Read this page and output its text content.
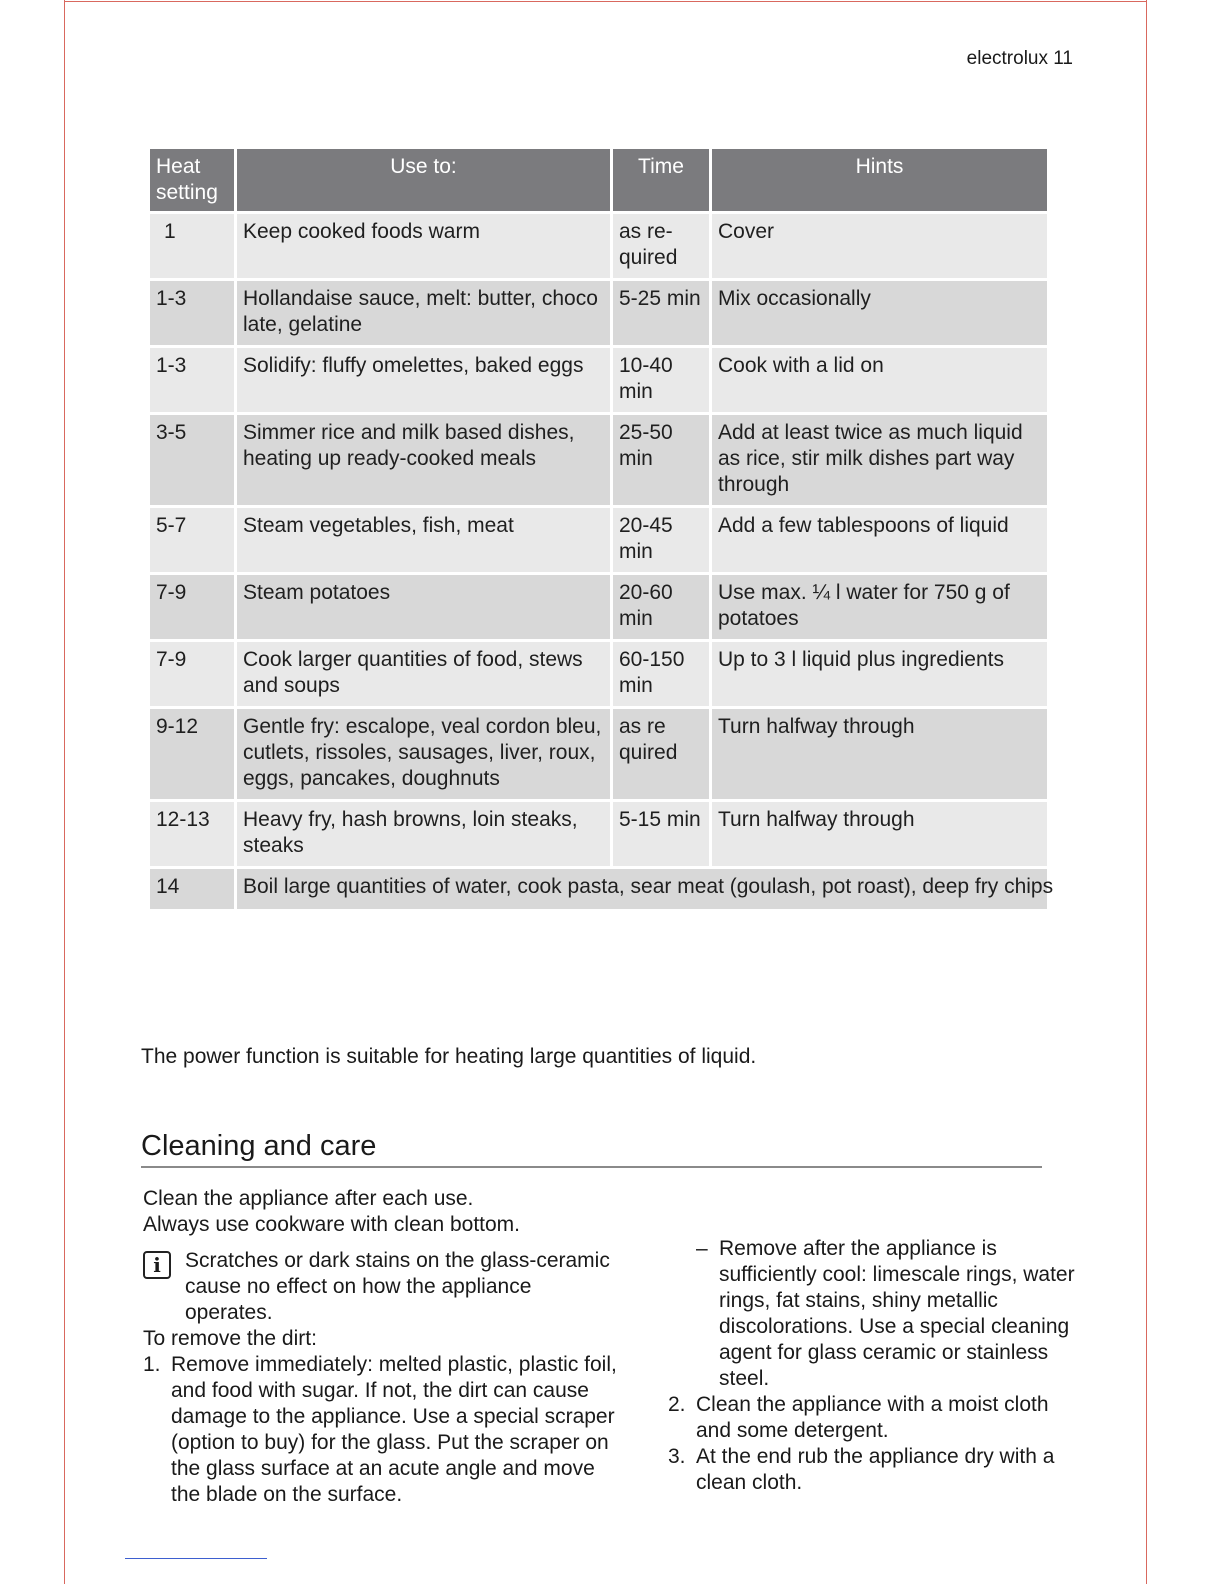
electrolux 11
Heat setting	Use to:	Time	Hints
1	Keep cooked foods warm	as re- quired	Cover
1-3	Hollandaise sauce, melt: butter, choco late, gelatine	5-25 min	Mix occasionally
1-3	Solidify: fluffy omelettes, baked eggs	10-40 min	Cook with a lid on
3-5	Simmer rice and milk based dishes, heating up ready-cooked meals	25-50 min	Add at least twice as much liquid as rice, stir milk dishes part way through
5-7	Steam vegetables, fish, meat	20-45 min	Add a few tablespoons of liquid
7-9	Steam potatoes	20-60 min	Use max. ¼ l water for 750 g of potatoes
7-9	Cook larger quantities of food, stews and soups	60-150 min	Up to 3 l liquid plus ingredients
9-12	Gentle fry: escalope, veal cordon bleu, cutlets, rissoles, sausages, liver, roux, eggs, pancakes, doughnuts	as re quired	Turn halfway through
12-13	Heavy fry, hash browns, loin steaks, steaks	5-15 min	Turn halfway through
14	Boil large quantities of water, cook pasta, sear meat (goulash, pot roast), deep fry chips		
The power function is suitable for heating large quantities of liquid.
Cleaning and care

Clean the appliance after each use.

Always use cookware with clean bottom.

i	Scratches or dark stains on the glass-ceramic cause no effect on how the appliance operates.

To remove the dirt:

1. Remove immediately: melted plastic, plastic foil, and food with sugar. If not, the dirt can cause damage to the appliance. Use a special scraper (option to buy) for the glass. Put the scraper on the glass surface at an acute angle and move the blade on the surface.
– Remove after the appliance is sufficiently cool: limescale rings, water rings, fat stains, shiny metallic discolorations. Use a special cleaning agent for glass ceramic or stainless steel.
2. Clean the appliance with a moist cloth and some detergent.
3. At the end rub the appliance dry with a clean cloth.
